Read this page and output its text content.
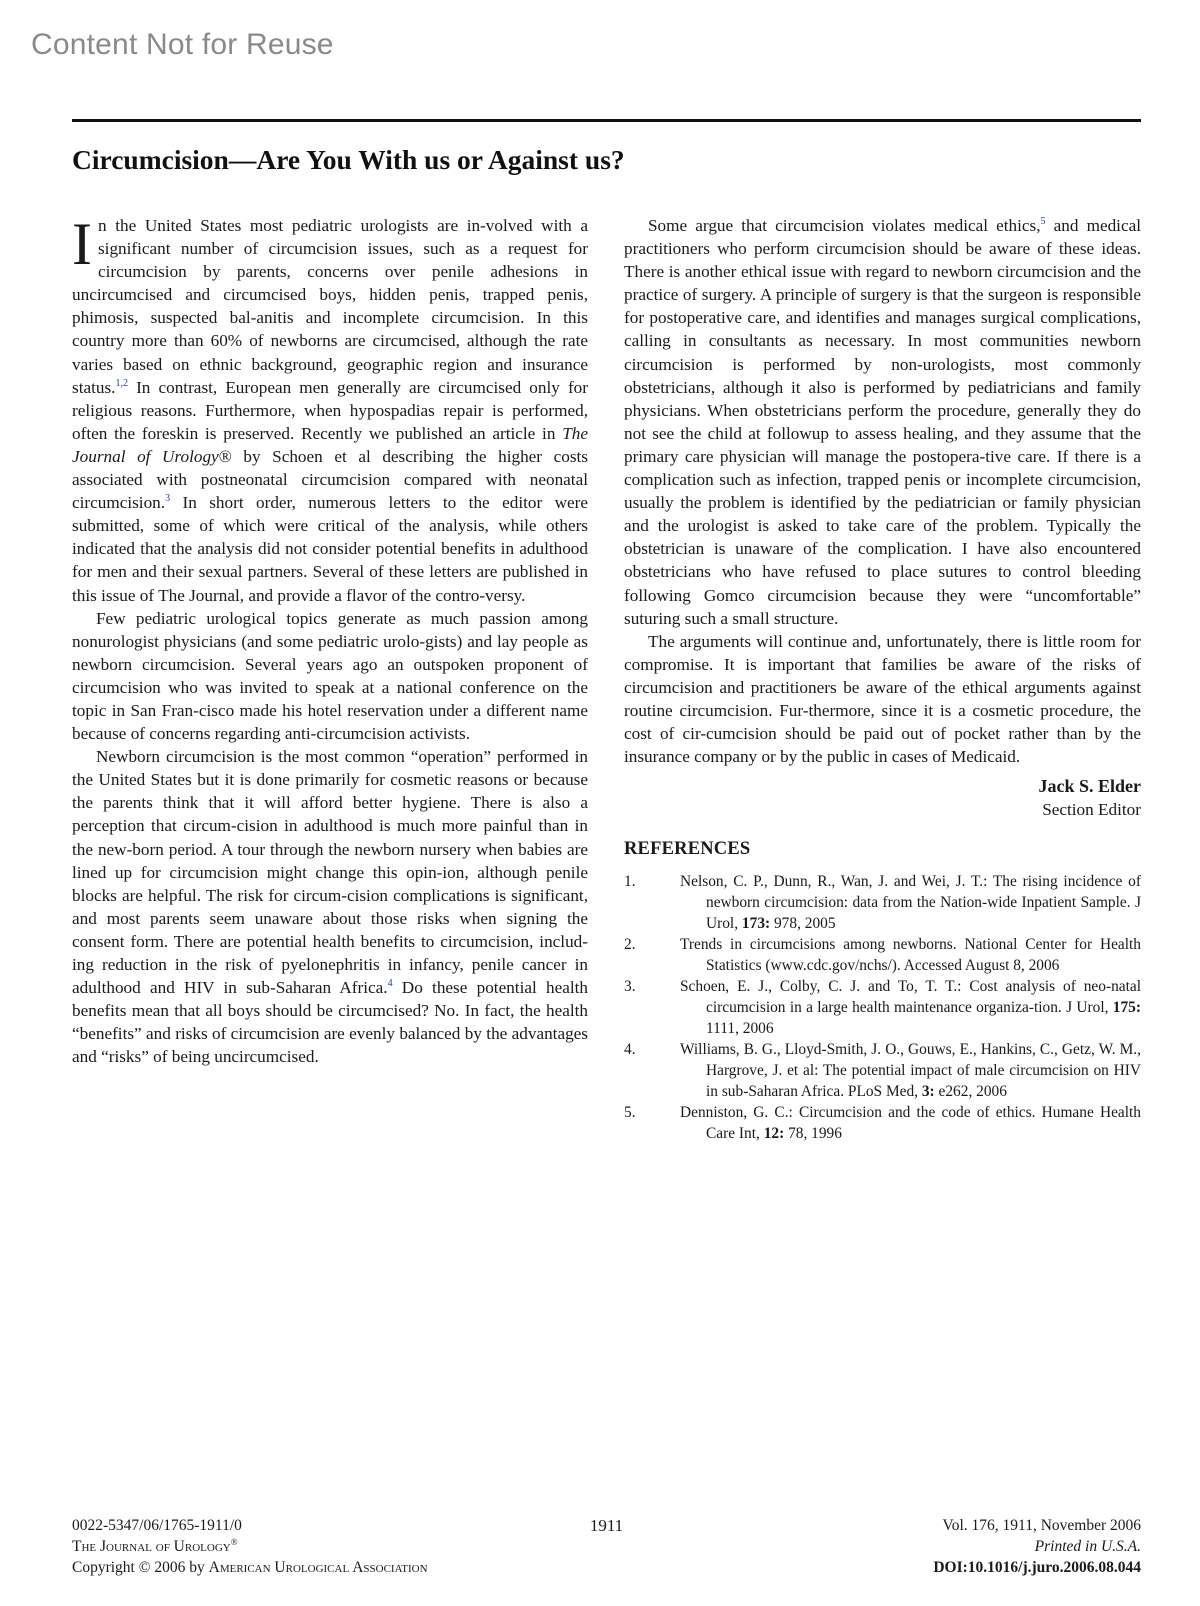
Content Not for Reuse
Circumcision—Are You With us or Against us?

In the United States most pediatric urologists are in-volved with a significant number of circumcision issues, such as a request for circumcision by parents, concerns over penile adhesions in uncircumcised and circumcised boys, hidden penis, trapped penis, phimosis, suspected bal-anitis and incomplete circumcision. In this country more than 60% of newborns are circumcised, although the rate varies based on ethnic background, geographic region and insurance status.$^{1,2}$ In contrast, European men generally are circumcised only for religious reasons. Furthermore, when hypospadias repair is performed, often the foreskin is preserved. Recently we published an article in The Journal of Urology® by Schoen et al describing the higher costs associated with postneonatal circumcision compared with neonatal circumcision.$^3$ In short order, numerous letters to the editor were submitted, some of which were critical of the analysis, while others indicated that the analysis did not consider potential benefits in adulthood for men and their sexual partners. Several of these letters are published in this issue of The Journal, and provide a flavor of the contro-versy.

Few pediatric urological topics generate as much passion among nonurologist physicians (and some pediatric urolo-gists) and lay people as newborn circumcision. Several years ago an outspoken proponent of circumcision who was invited to speak at a national conference on the topic in San Fran-cisco made his hotel reservation under a different name because of concerns regarding anti-circumcision activists.

Newborn circumcision is the most common “operation” performed in the United States but it is done primarily for cosmetic reasons or because the parents think that it will afford better hygiene. There is also a perception that circum-cision in adulthood is much more painful than in the new-born period. A tour through the newborn nursery when babies are lined up for circumcision might change this opin-ion, although penile blocks are helpful. The risk for circum-cision complications is significant, and most parents seem unaware about those risks when signing the consent form. There are potential health benefits to circumcision, includ-ing reduction in the risk of pyelonephritis in infancy, penile cancer in adulthood and HIV in sub-Saharan Africa.$^4$ Do these potential health benefits mean that all boys should be circumcised? No. In fact, the health “benefits” and risks of circumcision are evenly balanced by the advantages and “risks” of being uncircumcised.

Some argue that circumcision violates medical ethics,$^5$ and medical practitioners who perform circumcision should be aware of these ideas. There is another ethical issue with regard to newborn circumcision and the practice of surgery. A principle of surgery is that the surgeon is responsible for postoperative care, and identifies and manages surgical complications, calling in consultants as necessary. In most communities newborn circumcision is performed by non-urologists, most commonly obstetricians, although it also is performed by pediatricians and family physicians. When obstetricians perform the procedure, generally they do not see the child at followup to assess healing, and they assume that the primary care physician will manage the postopera-tive care. If there is a complication such as infection, trapped penis or incomplete circumcision, usually the problem is identified by the pediatrician or family physician and the urologist is asked to take care of the problem. Typically the obstetrician is unaware of the complication. I have also encountered obstetricians who have refused to place sutures to control bleeding following Gomco circumcision because they were “uncomfortable” suturing such a small structure.

The arguments will continue and, unfortunately, there is little room for compromise. It is important that families be aware of the risks of circumcision and practitioners be aware of the ethical arguments against routine circumcision. Fur-thermore, since it is a cosmetic procedure, the cost of cir-cumcision should be paid out of pocket rather than by the insurance company or by the public in cases of Medicaid.

Jack S. Elder
Section Editor
REFERENCES
1.	Nelson, C. P., Dunn, R., Wan, J. and Wei, J. T.: The rising incidence of newborn circumcision: data from the Nation-wide Inpatient Sample. J Urol, 173: 978, 2005
2.	Trends in circumcisions among newborns. National Center for Health Statistics (www.cdc.gov/nchs/). Accessed August 8, 2006
3.	Schoen, E. J., Colby, C. J. and To, T. T.: Cost analysis of neo-natal circumcision in a large health maintenance organiza-tion. J Urol, 175: 1111, 2006
4.	Williams, B. G., Lloyd-Smith, J. O., Gouws, E., Hankins, C., Getz, W. M., Hargrove, J. et al: The potential impact of male circumcision on HIV in sub-Saharan Africa. PLoS Med, 3: e262, 2006
5.	Denniston, G. C.: Circumcision and the code of ethics. Humane Health Care Int, 12: 78, 1996
0022-5347/06/1765-1911/0
The Journal of Urology®
Copyright © 2006 by American Urological Association
1911	Vol. 176, 1911, November 2006
Printed in U.S.A.
DOI:10.1016/j.juro.2006.08.044
